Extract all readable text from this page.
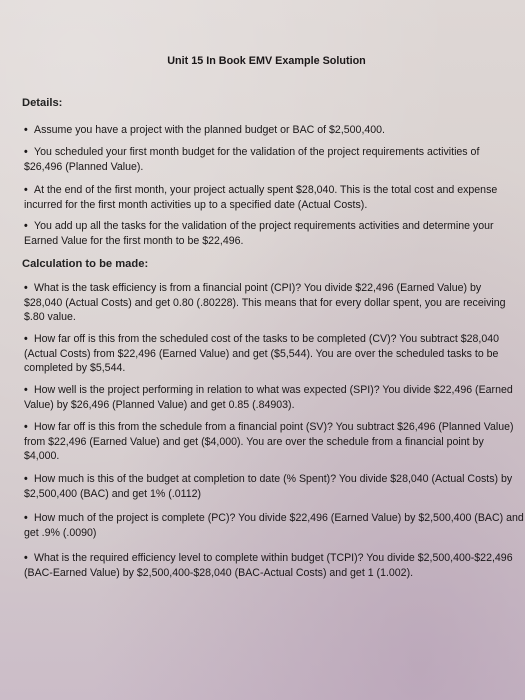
Unit 15 In Book EMV Example Solution
Details:
• Assume you have a project with the planned budget or BAC of $2,500,400.
• You scheduled your first month budget for the validation of the project requirements activities of
$26,496 (Planned Value).
• At the end of the first month, your project actually spent $28,040. This is the total cost and expense
incurred for the first month activities up to a specified date (Actual Costs).
• You add up all the tasks for the validation of the project requirements activities and determine your
Earned Value for the first month to be $22,496.
Calculation to be made:
• What is the task efficiency is from a financial point (CPI)? You divide $22,496 (Earned Value) by
$28,040 (Actual Costs) and get 0.80 (.80228). This means that for every dollar spent, you are receiving
$.80 value.
• How far off is this from the scheduled cost of the tasks to be completed (CV)? You subtract $28,040
(Actual Costs) from $22,496 (Earned Value) and get ($5,544). You are over the scheduled tasks to be
completed by $5,544.
• How well is the project performing in relation to what was expected (SPI)? You divide $22,496 (Earned
Value) by $26,496 (Planned Value) and get 0.85 (.84903).
• How far off is this from the schedule from a financial point (SV)? You subtract $26,496 (Planned Value)
from $22,496 (Earned Value) and get ($4,000). You are over the schedule from a financial point by
$4,000.
• How much is this of the budget at completion to date (% Spent)? You divide $28,040 (Actual Costs) by
$2,500,400 (BAC) and get 1% (.0112)
• How much of the project is complete (PC)? You divide $22,496 (Earned Value) by $2,500,400 (BAC) and
get .9% (.0090)
• What is the required efficiency level to complete within budget (TCPI)? You divide $2,500,400-$22,496
(BAC-Earned Value) by $2,500,400-$28,040 (BAC-Actual Costs) and get 1 (1.002).
